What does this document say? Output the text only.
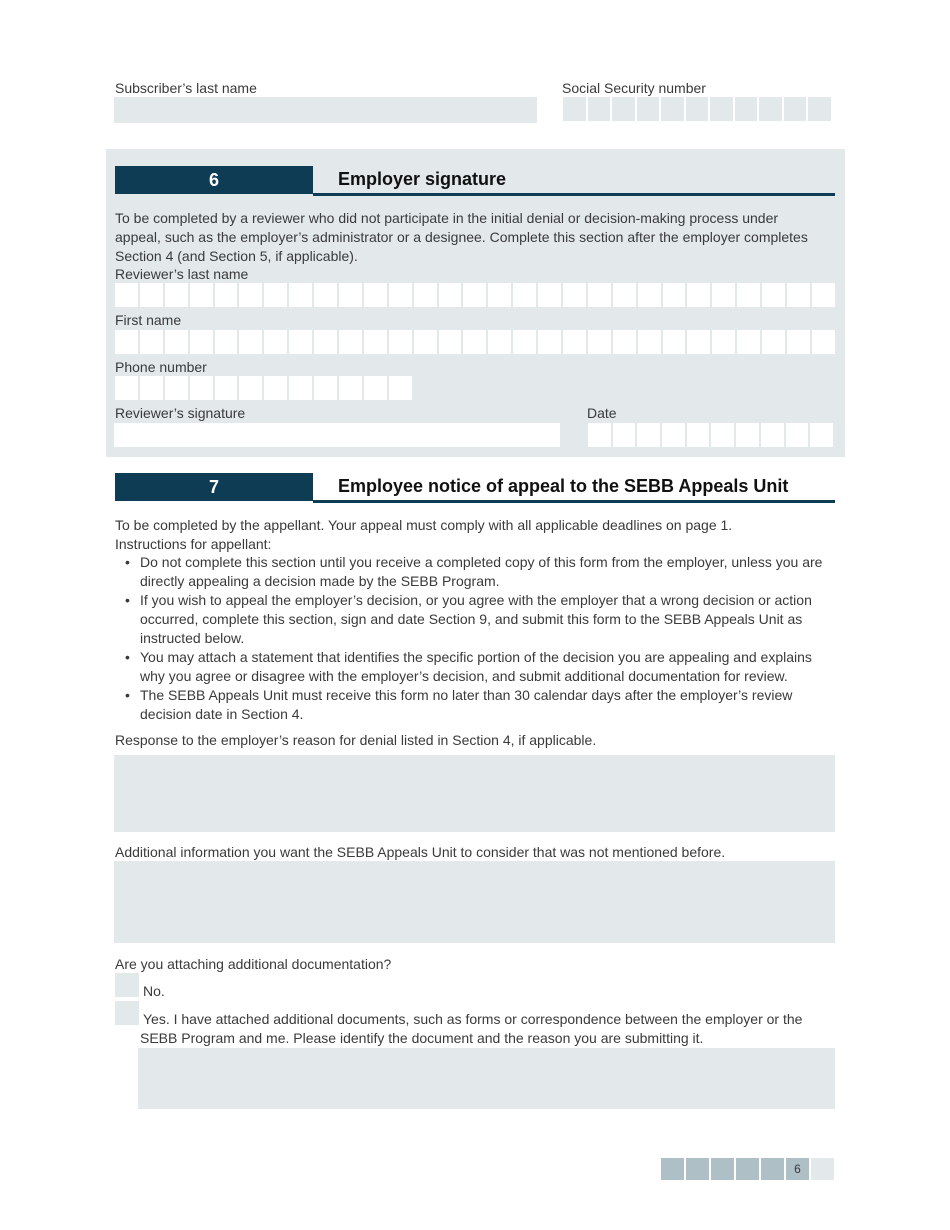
Subscriber’s last name	Social Security number
6	Employer signature
To be completed by a reviewer who did not participate in the initial denial or decision-making process under appeal, such as the employer’s administrator or a designee. Complete this section after the employer completes Section 4 (and Section 5, if applicable).
Reviewer’s last name
First name
Phone number
Reviewer’s signature	Date
7	Employee notice of appeal to the SEBB Appeals Unit
To be completed by the appellant. Your appeal must comply with all applicable deadlines on page 1.
Instructions for appellant:
• Do not complete this section until you receive a completed copy of this form from the employer, unless you are directly appealing a decision made by the SEBB Program.
• If you wish to appeal the employer’s decision, or you agree with the employer that a wrong decision or action occurred, complete this section, sign and date Section 9, and submit this form to the SEBB Appeals Unit as instructed below.
• You may attach a statement that identifies the specific portion of the decision you are appealing and explains why you agree or disagree with the employer’s decision, and submit additional documentation for review.
• The SEBB Appeals Unit must receive this form no later than 30 calendar days after the employer’s review decision date in Section 4.
Response to the employer’s reason for denial listed in Section 4, if applicable.
Additional information you want the SEBB Appeals Unit to consider that was not mentioned before.
Are you attaching additional documentation?
No.
Yes. I have attached additional documents, such as forms or correspondence between the employer or the SEBB Program and me. Please identify the document and the reason you are submitting it.
6
